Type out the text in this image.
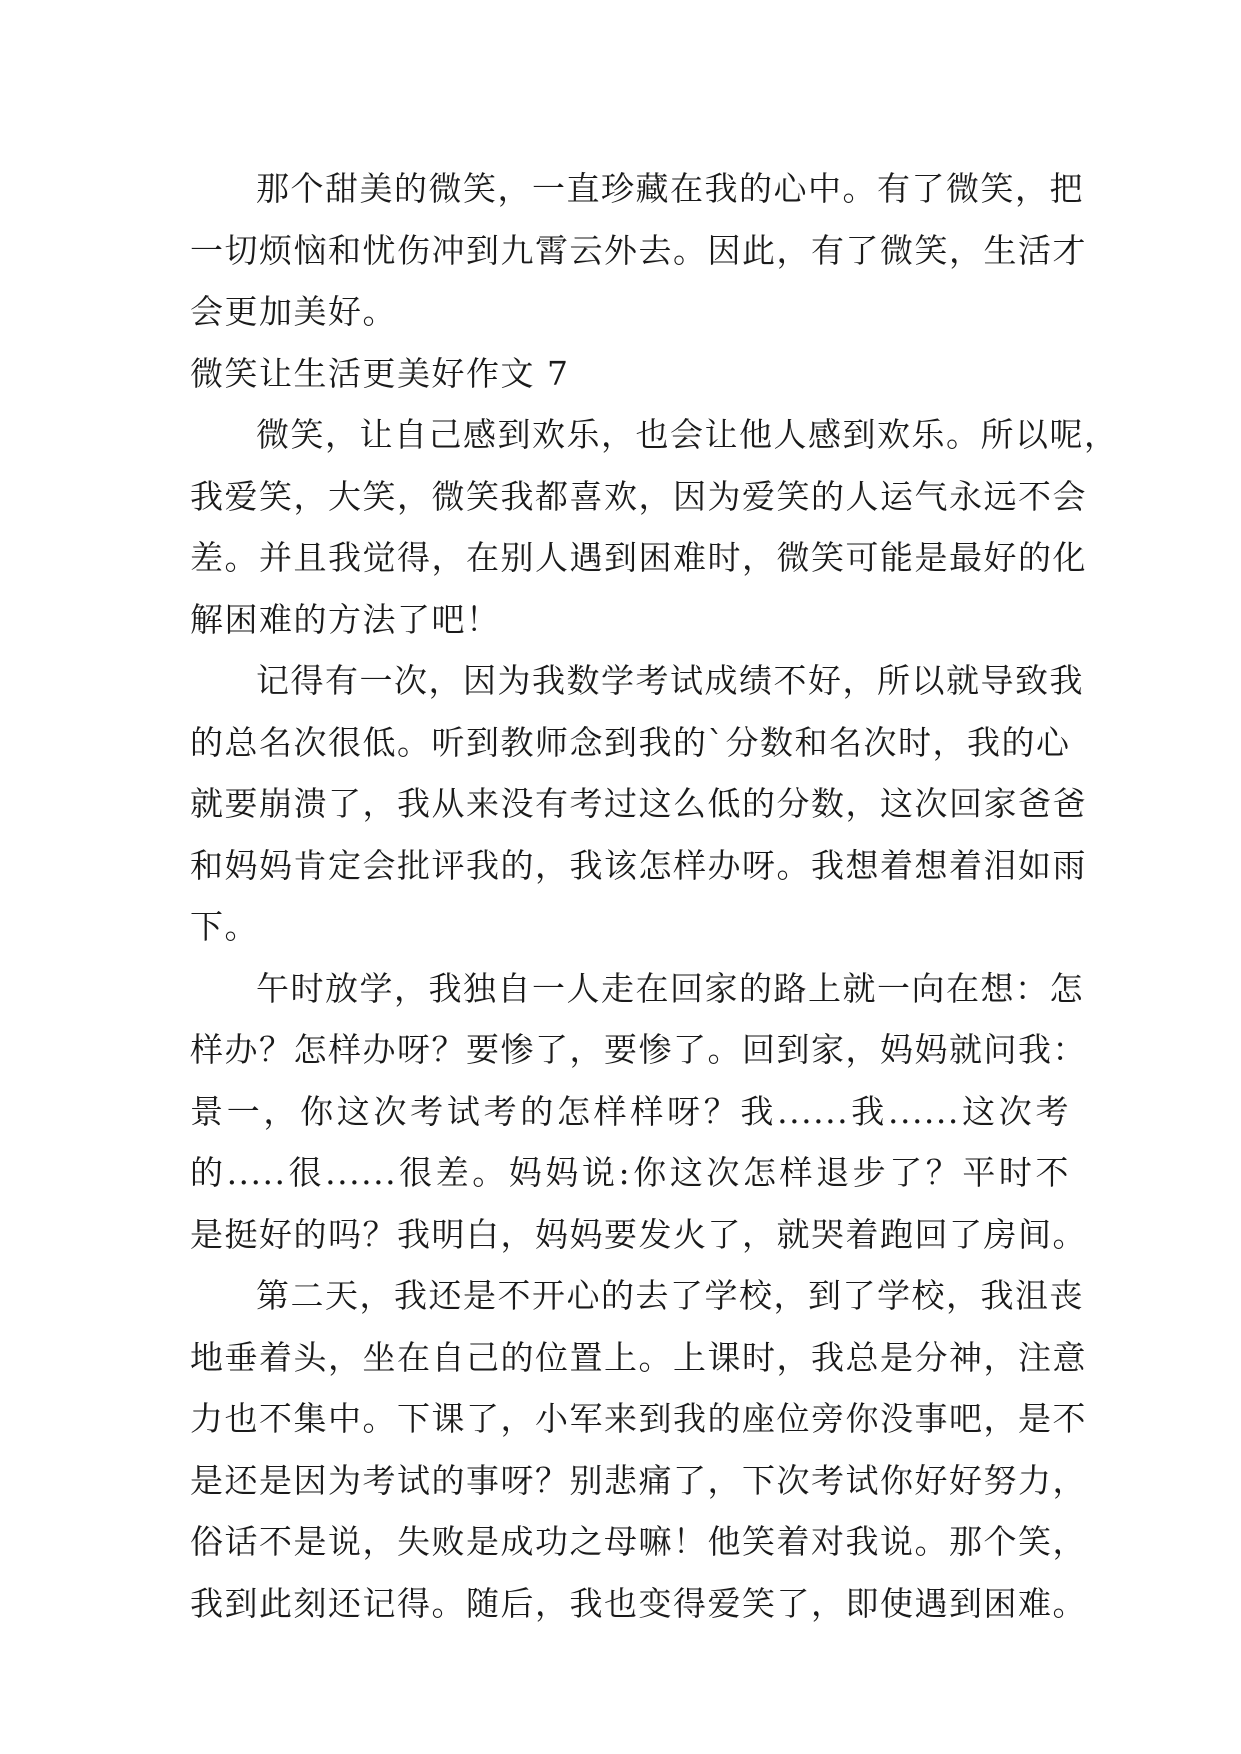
那个甜美的微笑，一直珍藏在我的心中。有了微笑，把
一切烦恼和忧伤冲到九霄云外去。因此，有了微笑，生活才
会更加美好。
微笑让生活更美好作文 7
微笑，让自己感到欢乐，也会让他人感到欢乐。所以呢，
我爱笑，大笑，微笑我都喜欢，因为爱笑的人运气永远不会
差。并且我觉得，在别人遇到困难时，微笑可能是最好的化
解困难的方法了吧！
记得有一次，因为我数学考试成绩不好，所以就导致我
的总名次很低。听到教师念到我的`分数和名次时，我的心
就要崩溃了，我从来没有考过这么低的分数，这次回家爸爸
和妈妈肯定会批评我的，我该怎样办呀。我想着想着泪如雨
下。
午时放学，我独自一人走在回家的路上就一向在想：怎
样办？怎样办呀？要惨了，要惨了。回到家，妈妈就问我：
景一，你这次考试考的怎样样呀？我......我......这次考
的.....很......很差。妈妈说:你这次怎样退步了？平时不
是挺好的吗？我明白，妈妈要发火了，就哭着跑回了房间。
第二天，我还是不开心的去了学校，到了学校，我沮丧
地垂着头，坐在自己的位置上。上课时，我总是分神，注意
力也不集中。下课了，小军来到我的座位旁你没事吧，是不
是还是因为考试的事呀？别悲痛了，下次考试你好好努力，
俗话不是说，失败是成功之母嘛！他笑着对我说。那个笑，
我到此刻还记得。随后，我也变得爱笑了，即使遇到困难。
